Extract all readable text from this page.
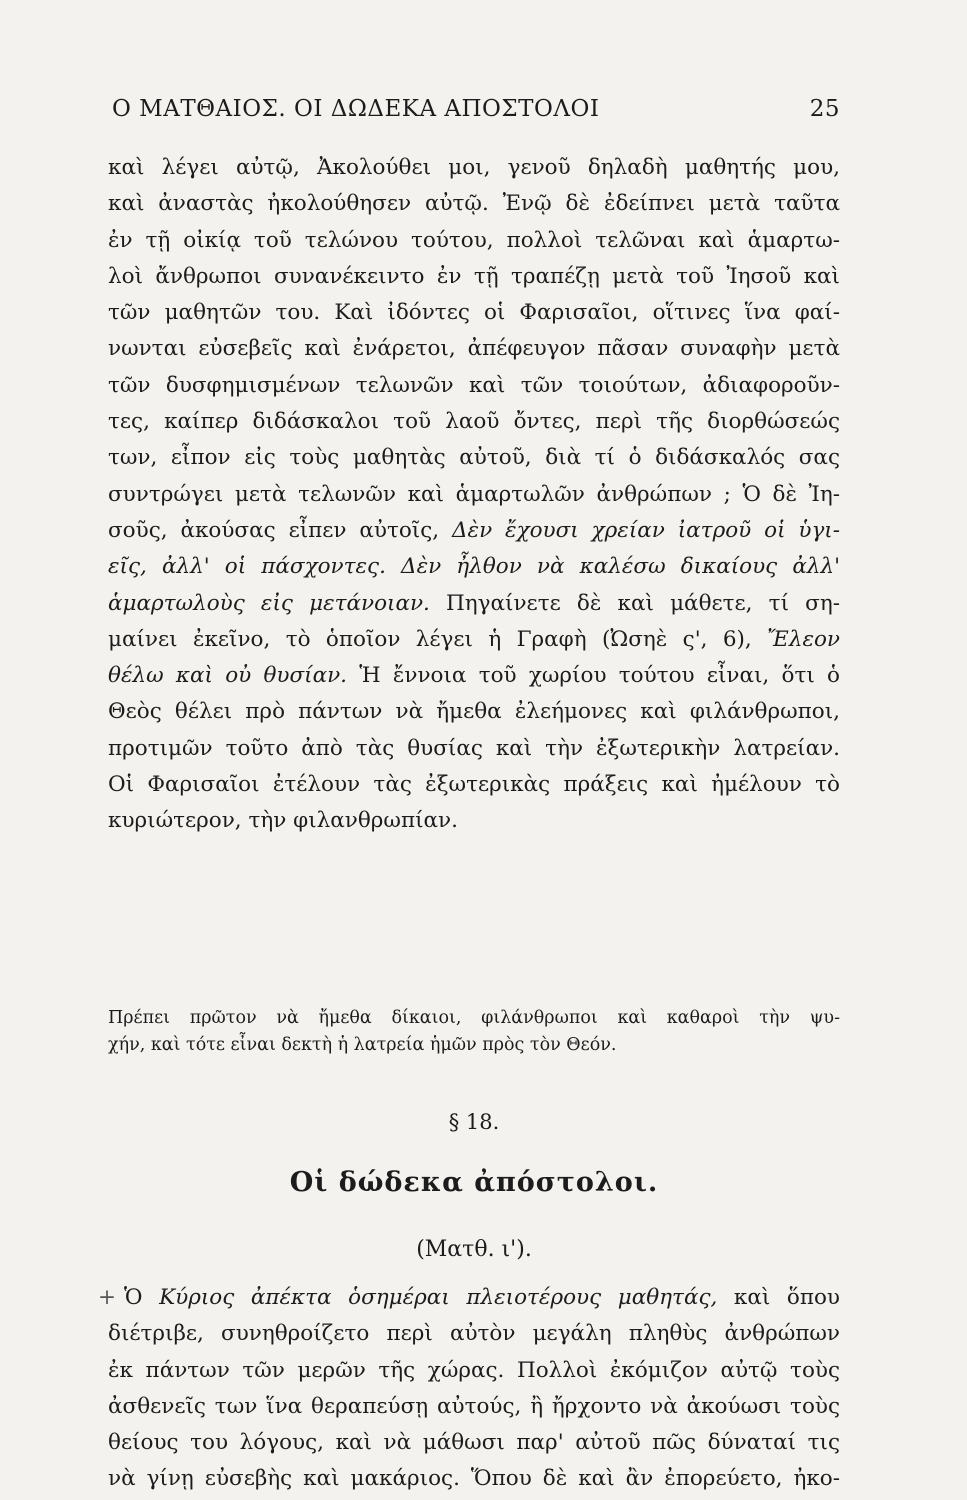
Ο ΜΑΤΘΑΙΟΣ. ΟΙ ΔΩΔΕΚΑ ΑΠΟΣΤΟΛΟΙ	25
καὶ λέγει αὐτῷ, Ἀκολούθει μοι, γενοῦ δηλαδὴ μαθητής μου,
καὶ ἀναστὰς ἠκολούθησεν αὐτῷ. Ἐνῷ δὲ ἐδείπνει μετὰ ταῦτα
ἐν τῇ οἰκίᾳ τοῦ τελώνου τούτου, πολλοὶ τελῶναι καὶ ἁμαρτω-
λοὶ ἄνθρωποι συνανέκειντο ἐν τῇ τραπέζῃ μετὰ τοῦ Ἰησοῦ καὶ
τῶν μαθητῶν του. Καὶ ἰδόντες οἱ Φαρισαῖοι, οἵτινες ἵνα φαί-
νωνται εὐσεβεῖς καὶ ἐνάρετοι, ἀπέφευγον πᾶσαν συναφὴν μετὰ
τῶν δυσφημισμένων τελωνῶν καὶ τῶν τοιούτων, ἀδιαφοροῦν-
τες, καίπερ διδάσκαλοι τοῦ λαοῦ ὄντες, περὶ τῆς διορθώσεώς
των, εἶπον εἰς τοὺς μαθητὰς αὐτοῦ, διὰ τί ὁ διδάσκαλός σας
συντρώγει μετὰ τελωνῶν καὶ ἁμαρτωλῶν ἀνθρώπων ; Ὁ δὲ Ἰη-
σοῦς, ἀκούσας εἶπεν αὐτοῖς, Δὲν ἔχουσι χρείαν ἰατροῦ οἱ ὑγι-
εῖς, ἀλλ' οἱ πάσχοντες. Δὲν ἦλθον νὰ καλέσω δικαίους ἀλλ'
ἁμαρτωλοὺς εἰς μετάνοιαν. Πηγαίνετε δὲ καὶ μάθετε, τί ση-
μαίνει ἐκεῖνο, τὸ ὁποῖον λέγει ἡ Γραφὴ (Ὠσηὲ ς', 6), Ἔλεον
θέλω καὶ οὐ θυσίαν. Ἡ ἔννοια τοῦ χωρίου τούτου εἶναι, ὅτι ὁ
Θεὸς θέλει πρὸ πάντων νὰ ἤμεθα ἐλεήμονες καὶ φιλάνθρωποι,
προτιμῶν τοῦτο ἀπὸ τὰς θυσίας καὶ τὴν ἐξωτερικὴν λατρείαν.
Οἱ Φαρισαῖοι ἐτέλουν τὰς ἐξωτερικὰς πράξεις καὶ ἠμέλουν τὸ
κυριώτερον, τὴν φιλανθρωπίαν.
Πρέπει πρῶτον νὰ ἤμεθα δίκαιοι, φιλάνθρωποι καὶ καθαροὶ τὴν ψυ-
χήν, καὶ τότε εἶναι δεκτὴ ἡ λατρεία ἡμῶν πρὸς τὸν Θεόν.
§ 18.
Οἱ δώδεκα ἀπόστολοι.
(Ματθ. ι').
+ Ὁ Κύριος ἀπέκτα ὁσημέραι πλειοτέρους μαθητάς, καὶ ὅπου
διέτριβε, συνηθροίζετο περὶ αὐτὸν μεγάλη πληθὺς ἀνθρώπων
ἐκ πάντων τῶν μερῶν τῆς χώρας. Πολλοὶ ἐκόμιζον αὐτῷ τοὺς
ἀσθενεῖς των ἵνα θεραπεύσῃ αὐτούς, ἢ ἤρχοντο νὰ ἀκούωσι τοὺς
θείους του λόγους, καὶ νὰ μάθωσι παρ' αὐτοῦ πῶς δύναταί τις
νὰ γίνῃ εὐσεβὴς καὶ μακάριος. Ὅπου δὲ καὶ ἂν ἐπορεύετο, ἠκο-
